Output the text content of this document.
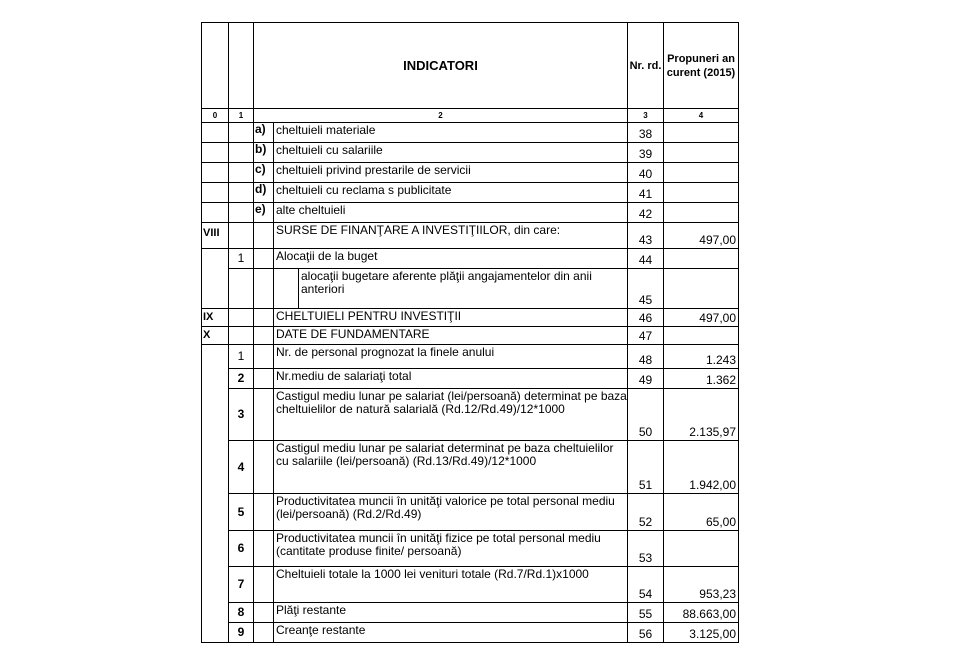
		INDICATORI			Nr. rd.	Propuneri an curent (2015)
0	1	2			3	4
		a)	cheltuieli materiale		38	
		b)	cheltuieli cu salariile		39	
		c)	cheltuieli privind prestarile de servicii		40	
		d)	cheltuieli cu reclama s publicitate		41	
		e)	alte cheltuieli		42	
VIII			SURSE DE FINANŢARE A INVESTIŢIILOR, din care:		43	497,00
	1		Alocaţii de la buget		44	
				alocaţii bugetare aferente plăţii angajamentelor din anii anteriori	45	
IX			CHELTUIELI PENTRU INVESTIŢII		46	497,00
X			DATE DE FUNDAMENTARE		47	
	1		Nr. de personal prognozat la finele anului		48	1.243
	2		Nr.mediu de salariaţi total		49	1.362
	3		Castigul mediu lunar pe salariat (lei/persoană) determinat pe baza cheltuielilor de natură salarială (Rd.12/Rd.49)/12*1000		50	2.135,97
	4		Castigul mediu lunar pe salariat determinat pe baza cheltuielilor cu salariile (lei/persoană) (Rd.13/Rd.49)/12*1000		51	1.942,00
	5		Productivitatea muncii în unităţi valorice pe total personal mediu (lei/persoană) (Rd.2/Rd.49)		52	65,00
	6		Productivitatea muncii în unităţi fizice pe total personal mediu (cantitate produse finite/ persoană)		53	
	7		Cheltuieli totale la 1000 lei venituri totale (Rd.7/Rd.1)x1000		54	953,23
	8		Plăţi restante		55	88.663,00
	9		Creanţe restante		56	3.125,00
